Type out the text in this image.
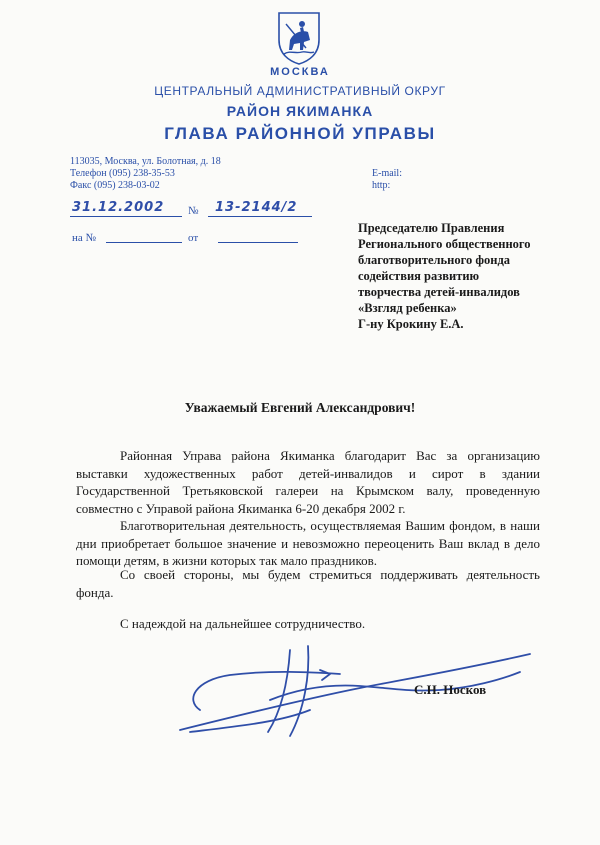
МОСКВА
ЦЕНТРАЛЬНЫЙ АДМИНИСТРАТИВНЫЙ ОКРУГ
РАЙОН ЯКИМАНКА
ГЛАВА РАЙОННОЙ УПРАВЫ
113035, Москва, ул. Болотная, д. 18
Телефон (095) 238-35-53
Факс (095) 238-03-02
E-mail:
http:
31.12.2002 № 13-2144/2
на №	от
Председателю Правления
Регионального общественного
благотворительного фонда
содействия развитию
творчества детей-инвалидов
«Взгляд ребенка»
Г-ну Крокину Е.А.
Уважаемый Евгений Александрович!
Районная Управа района Якиманка благодарит Вас за организацию выставки художественных работ детей-инвалидов и сирот в здании Государственной Третьяковской галереи на Крымском валу, проведенную совместно с Управой района Якиманка 6-20 декабря 2002 г.
Благотворительная деятельность, осуществляемая Вашим фондом, в наши дни приобретает большое значение и невозможно переоценить Ваш вклад в дело помощи детям, в жизни которых так мало праздников.
Со своей стороны, мы будем стремиться поддерживать деятельность фонда.
С надеждой на дальнейшее сотрудничество.
С.Н. Носков
